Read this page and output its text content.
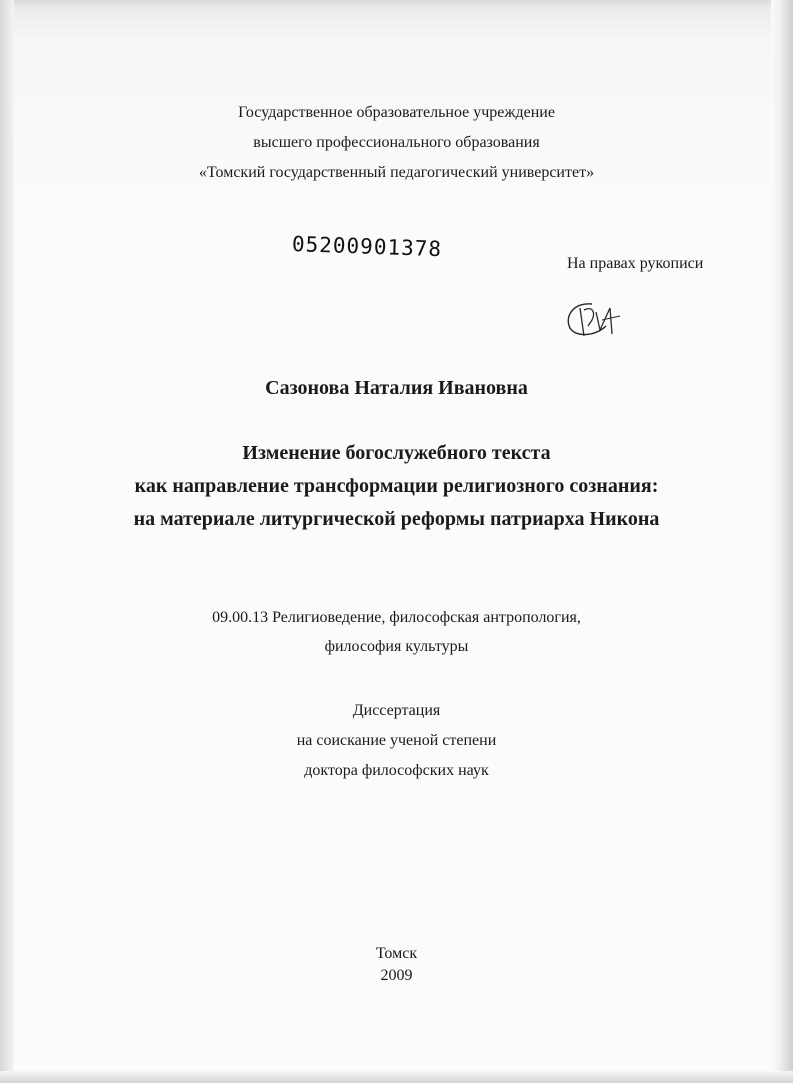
Государственное образовательное учреждение
высшего профессионального образования
«Томский государственный педагогический университет»
05200901378
На правах рукописи
Сазонова Наталия Ивановна
Изменение богослужебного текста
как направление трансформации религиозного сознания:
на материале литургической реформы патриарха Никона
09.00.13 Религиоведение, философская антропология,
философия культуры
Диссертация
на соискание ученой степени
доктора философских наук
Томск
2009
